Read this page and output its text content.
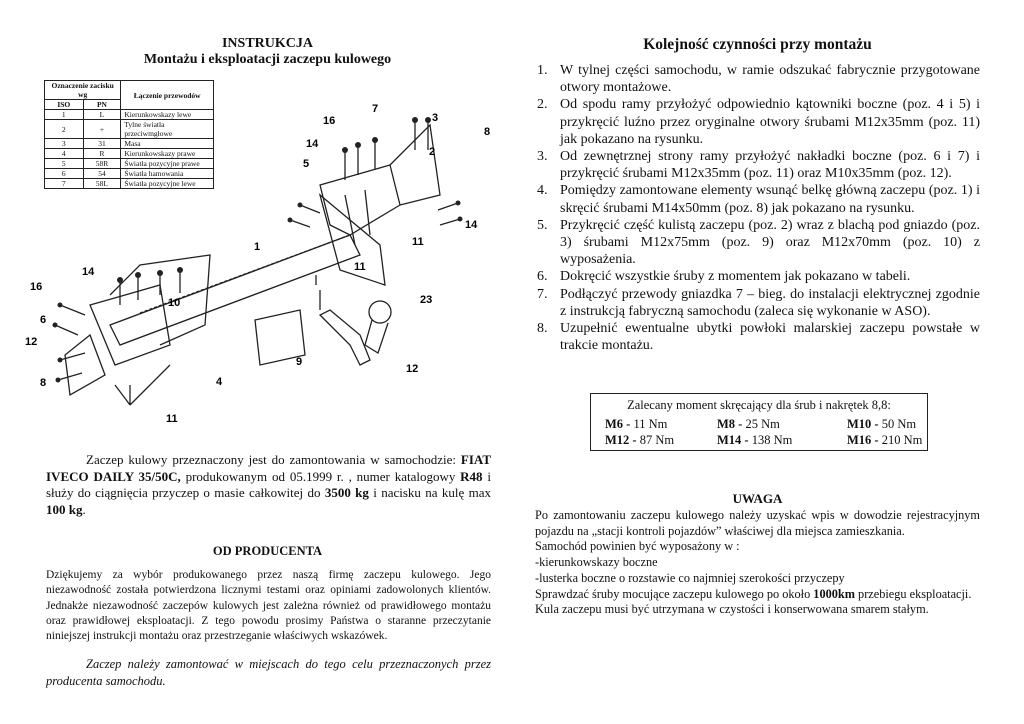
INSTRUKCJA
Montażu i eksploatacji zaczepu kulowego
Oznaczenie zacisku wg		Łączenie przewodów
ISO	PN	
1	L	Kierunkowskazy lewe
2	+	Tylne światła przeciwmgłowe
3	31	Masa
4	R	Kierunkowskazy prawe
5	58R	Światła pozycyjne prawe
6	54	Światła hamowania
7	58L	Światła pozycyjne lewe
1
12
9
4
5
6
7
8
8
10
11
11
11
2
3
12
14
14
14
16
16
23
Zaczep kulowy przeznaczony jest do zamontowania w samochodzie: FIAT IVECO DAILY 35/50C, produkowanym od 05.1999 r. , numer katalogowy R48 i służy do ciągnięcia przyczep o masie całkowitej do 3500 kg i nacisku na kulę max 100 kg.
OD PRODUCENTA
Dziękujemy za wybór produkowanego przez naszą firmę zaczepu kulowego. Jego niezawodność została potwierdzona licznymi testami oraz opiniami zadowolonych klientów. Jednakże niezawodność zaczepów kulowych jest zależna również od prawidłowego montażu oraz prawidłowej eksploatacji. Z tego powodu prosimy Państwa o staranne przeczytanie niniejszej instrukcji montażu oraz przestrzeganie właściwych wskazówek.
Zaczep należy zamontować w miejscach do tego celu przeznaczonych przez producenta samochodu.
Kolejność czynności przy montażu
1. W tylnej części samochodu, w ramie odszukać fabrycznie przygotowane otwory montażowe.
2. Od spodu ramy przyłożyć odpowiednio kątowniki boczne (poz. 4 i 5) i przykręcić luźno przez oryginalne otwory śrubami M12x35mm (poz. 11) jak pokazano na rysunku.
3. Od zewnętrznej strony ramy przyłożyć nakładki boczne (poz. 6 i 7) i przykręcić śrubami M12x35mm (poz. 11) oraz M10x35mm (poz. 12).
4. Pomiędzy zamontowane elementy wsunąć belkę główną zaczepu (poz. 1) i skręcić śrubami M14x50mm (poz. 8) jak pokazano na rysunku.
5. Przykręcić część kulistą zaczepu (poz. 2) wraz z blachą pod gniazdo (poz. 3) śrubami M12x75mm (poz. 9) oraz M12x70mm (poz. 10) z wyposażenia.
6. Dokręcić wszystkie śruby z momentem jak pokazano w tabeli.
7. Podłączyć przewody gniazdka 7 – bieg. do instalacji elektrycznej zgodnie z instrukcją fabryczną samochodu (zaleca się wykonanie w ASO).
8. Uzupełnić ewentualne ubytki powłoki malarskiej zaczepu powstałe w trakcie montażu.
Zalecany moment skręcający dla śrub i nakrętek 8,8:
M6 - 11 Nm	M8 - 25 Nm	M10 - 50 Nm
M12 - 87 Nm	M14 - 138 Nm	M16 - 210 Nm
UWAGA
Po zamontowaniu zaczepu kulowego należy uzyskać wpis w dowodzie rejestracyjnym pojazdu na „stacji kontroli pojazdów” właściwej dla miejsca zamieszkania.
Samochód powinien być wyposażony w :
-kierunkowskazy boczne
-lusterka boczne o rozstawie co najmniej szerokości przyczepy
Sprawdzać śruby mocujące zaczepu kulowego po około 1000km przebiegu eksploatacji.
Kula zaczepu musi być utrzymana w czystości i konserwowana smarem stałym.
